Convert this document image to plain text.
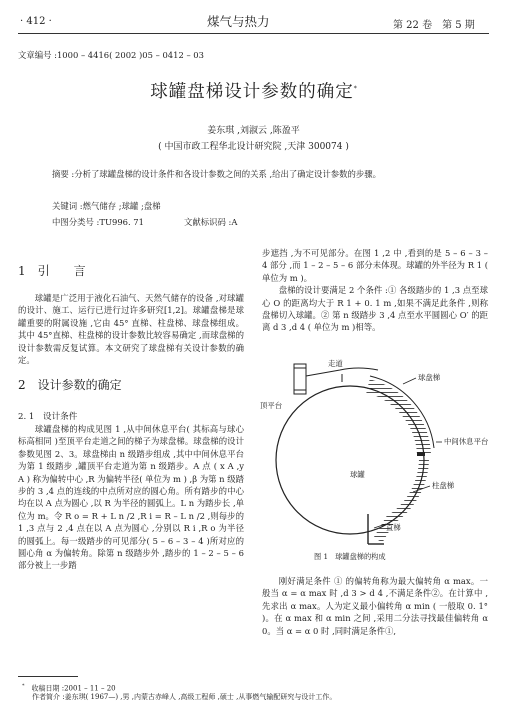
· 412 ·	煤气与热力	第 22 卷　第 5 期
文章编号 :1000 – 4416( 2002 )05 – 0412 – 03
球罐盘梯设计参数的确定*
姜东琪 ,刘淑云 ,陈盈平
( 中国市政工程华北设计研究院 ,天津 300074 )
摘要 :分析了球罐盘梯的设计条件和各设计参数之间的关系 ,给出了确定设计参数的步骤。
关键词 :燃气储存 ;球罐 ;盘梯
中图分类号 :TU996. 71	文献标识码 :A
1　引　　言

球罐是广泛用于液化石油气、天然气储存的设备 ,对球罐的设计、施工、运行已进行过许多研究[1,2]。球罐盘梯是球罐重要的附属设施 ,它由 45° 直梯、柱盘梯、球盘梯组成。其中 45°直梯、柱盘梯的设计参数比较容易确定 ,而球盘梯的设计参数需反复试算。本文研究了球盘梯有关设计参数的确定。

2　设计参数的确定
2. 1　设计条件

球罐盘梯的构成见图 1 ,从中间休息平台( 其标高与球心标高相同 )至顶平台走道之间的梯子为球盘梯。球盘梯的设计参数见图 2、3。球盘梯由 n 级踏步组成 ,其中中间休息平台为第 1 级踏步 ,罐顶平台走道为第 n 级踏步。A 点 ( x A ,y A ) 称为偏转中心 ,R 为偏转半径( 单位为 m ) ,β 为第 n 级踏步的 3 ,4 点的连线的中点所对应的圆心角。所有踏步的中心均在以 A 点为圆心 ,以 R 为半径的圆弧上。L n 为踏步长 ,单位为 m。令 R o = R + L n /2 ,R i = R – L n /2 ,则每步的 1 ,3 点与 2 ,4 点在以 A 点为圆心 ,分别以 R i ,R o 为半径的圆弧上。每一级踏步的可见部分( 5 – 6 – 3 – 4 )所对应的圆心角 α 为偏转角。除第 n 级踏步外 ,踏步的 1 – 2 – 5 – 6 部分被上一步踏

步遮挡 ,为不可见部分。在图 1 ,2 中 ,看到的是 5 – 6 – 3 – 4 部分 ,而 1 – 2 – 5 – 6 部分未体现。球罐的外半径为 R 1 ( 单位为 m )。

盘梯的设计要满足 2 个条件 :① 各级踏步的 1 ,3 点至球心 O 的距离均大于 R 1 + 0. 1 m ,如果不满足此条件 ,则称盘梯切入球罐。② 第 n 级踏步 3 ,4 点至水平圆圆心 O′ 的距离 d 3 ,d 4 ( 单位为 m )相等。

走道
顶平台
球盘梯
中间休息平台
球罐
柱盘梯
直梯
图 1　球罐盘梯的构成

刚好满足条件 ① 的偏转角称为最大偏转角 α max。一般当 α = α max 时 ,d 3 > d 4 ,不满足条件②。在计算中 ,先求出 α max。人为定义最小偏转角 α min ( 一般取 0. 1° )。在 α max 和 α min 之间 ,采用二分法寻找最佳偏转角 α 0。当 α = α 0 时 ,同时满足条件①,

*　 收稿日期 :2001 – 11 – 20
作者简介 :姜东琪( 1967—) ,男 ,内蒙古赤峰人 ,高级工程师 ,硕士 ,从事燃气输配研究与设计工作。
